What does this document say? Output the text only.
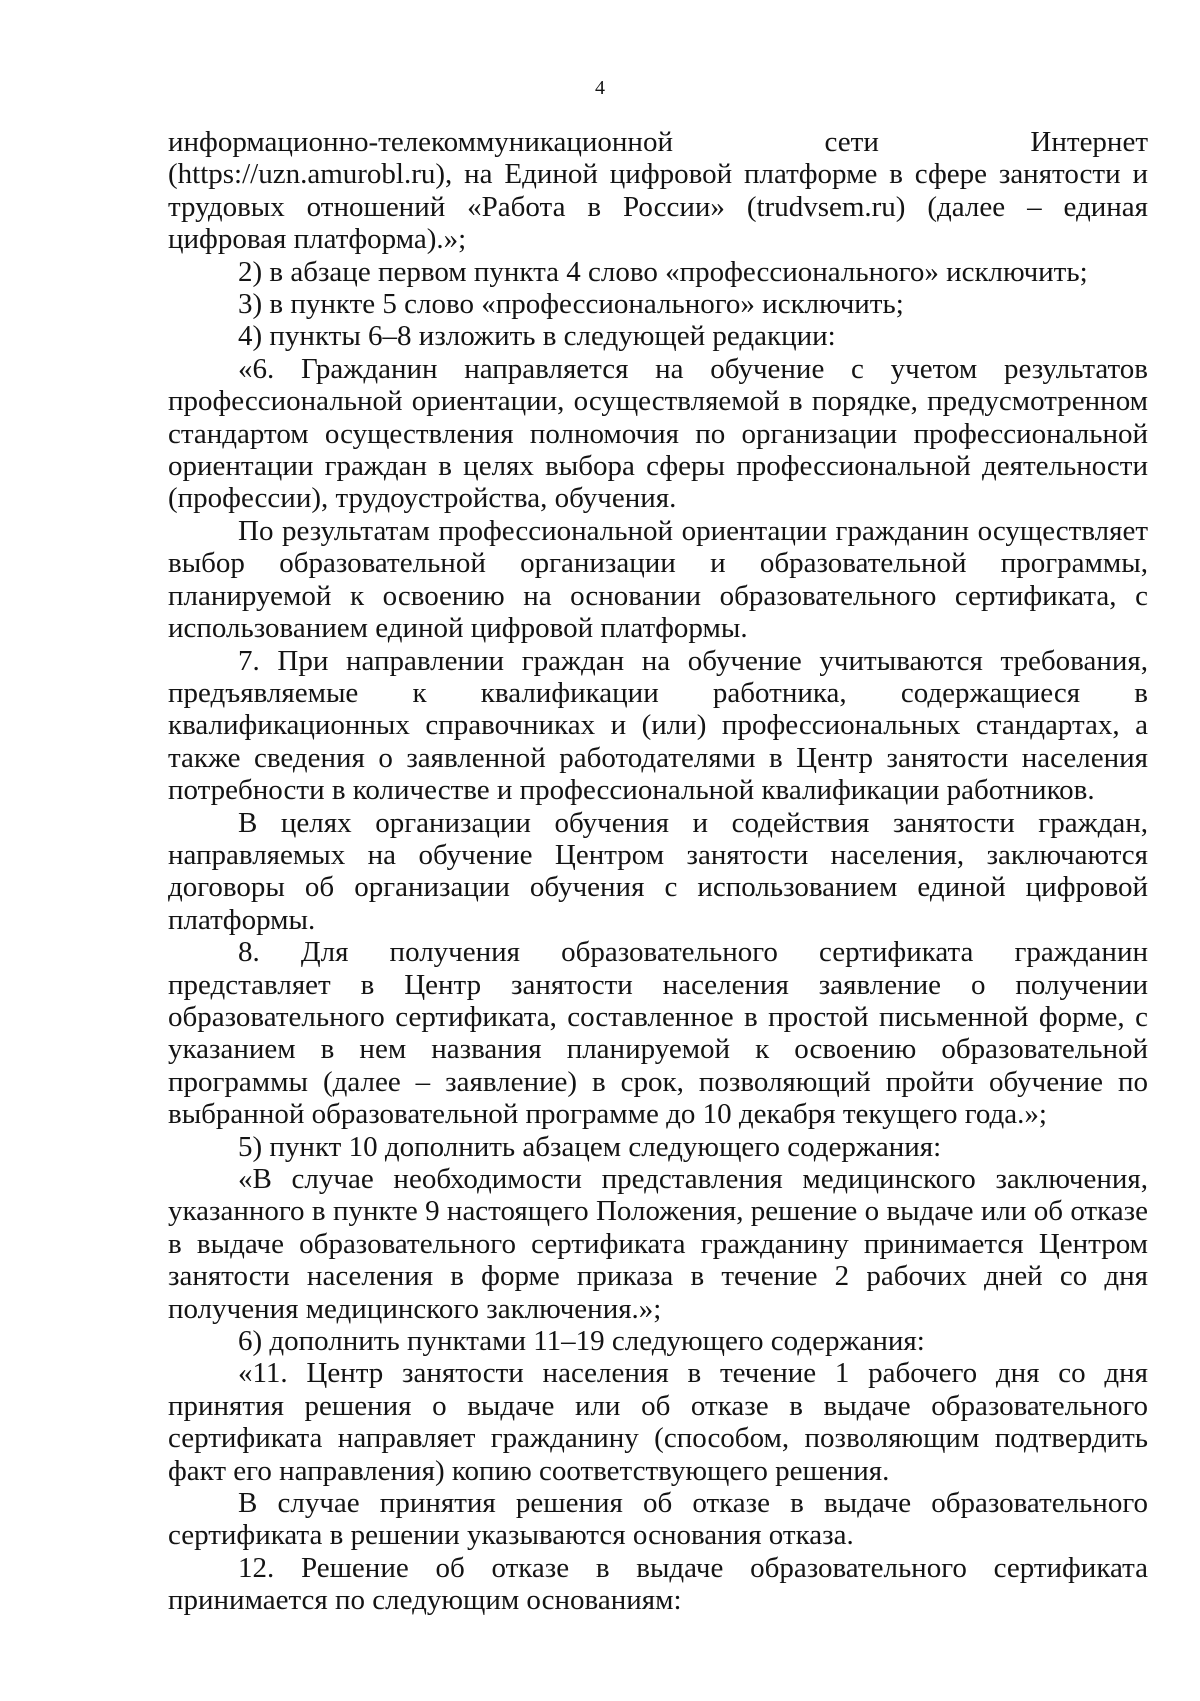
4

информационно-телекоммуникационной сети Интернет (https://uzn.amurobl.ru), на Единой цифровой платформе в сфере занятости и трудовых отношений «Работа в России» (trudvsem.ru) (далее – единая цифровая платформа).»;

2) в абзаце первом пункта 4 слово «профессионального» исключить;

3) в пункте 5 слово «профессионального» исключить;

4) пункты 6–8 изложить в следующей редакции:

«6. Гражданин направляется на обучение с учетом результатов профессиональной ориентации, осуществляемой в порядке, предусмотренном стандартом осуществления полномочия по организации профессиональной ориентации граждан в целях выбора сферы профессиональной деятельности (профессии), трудоустройства, обучения.

По результатам профессиональной ориентации гражданин осуществляет выбор образовательной организации и образовательной программы, планируемой к освоению на основании образовательного сертификата, с использованием единой цифровой платформы.

7. При направлении граждан на обучение учитываются требования, предъявляемые к квалификации работника, содержащиеся в квалификационных справочниках и (или) профессиональных стандартах, а также сведения о заявленной работодателями в Центр занятости населения потребности в количестве и профессиональной квалификации работников.

В целях организации обучения и содействия занятости граждан, направляемых на обучение Центром занятости населения, заключаются договоры об организации обучения с использованием единой цифровой платформы.

8. Для получения образовательного сертификата гражданин представляет в Центр занятости населения заявление о получении образовательного сертификата, составленное в простой письменной форме, с указанием в нем названия планируемой к освоению образовательной программы (далее – заявление) в срок, позволяющий пройти обучение по выбранной образовательной программе до 10 декабря текущего года.»;

5) пункт 10 дополнить абзацем следующего содержания:

«В случае необходимости представления медицинского заключения, указанного в пункте 9 настоящего Положения, решение о выдаче или об отказе в выдаче образовательного сертификата гражданину принимается Центром занятости населения в форме приказа в течение 2 рабочих дней со дня получения медицинского заключения.»;

6) дополнить пунктами 11–19 следующего содержания:

«11. Центр занятости населения в течение 1 рабочего дня со дня принятия решения о выдаче или об отказе в выдаче образовательного сертификата направляет гражданину (способом, позволяющим подтвердить факт его направления) копию соответствующего решения.

В случае принятия решения об отказе в выдаче образовательного сертификата в решении указываются основания отказа.

12. Решение об отказе в выдаче образовательного сертификата принимается по следующим основаниям:
